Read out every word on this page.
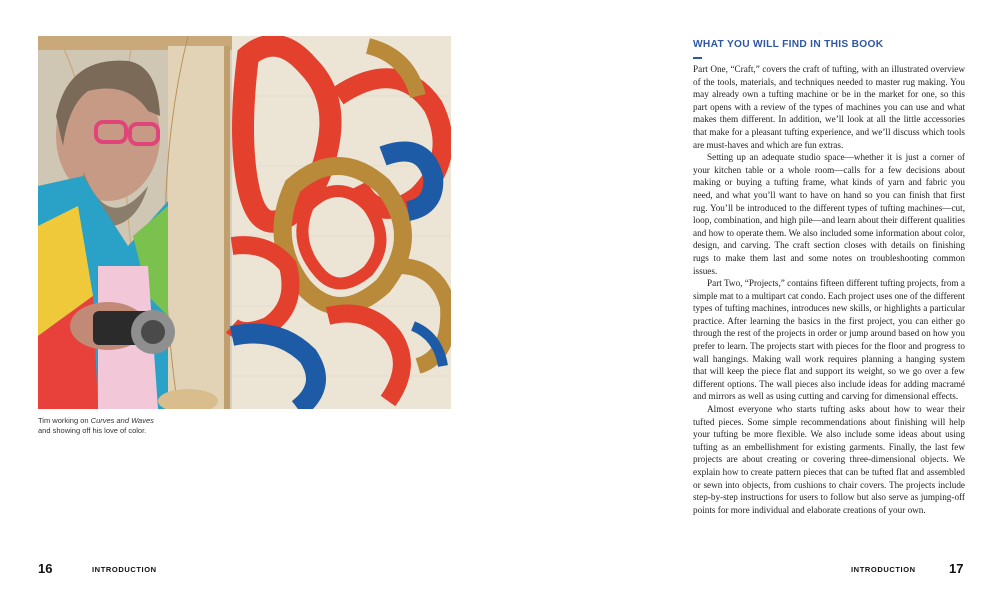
Tim working on Curves and Waves
and showing off his love of color.
16	INTRODUCTION
WHAT YOU WILL FIND IN THIS BOOK

Part One, “Craft,” covers the craft of tufting, with an illustrated overview of the tools, materials, and techniques needed to master rug making. You may already own a tufting machine or be in the market for one, so this part opens with a review of the types of machines you can use and what makes them different. In addition, we’ll look at all the little accessories that make for a pleasant tufting experience, and we’ll discuss which tools are must-haves and which are fun extras.

Setting up an adequate studio space—whether it is just a corner of your kitchen table or a whole room—calls for a few decisions about making or buying a tufting frame, what kinds of yarn and fabric you need, and what you’ll want to have on hand so you can finish that first rug. You’ll be introduced to the different types of tufting machines—cut, loop, combination, and high pile—and learn about their different qualities and how to operate them. We also included some information about color, design, and carving. The craft section closes with details on finishing rugs to make them last and some notes on troubleshooting common issues.

Part Two, “Projects,” contains fifteen different tufting projects, from a simple mat to a multipart cat condo. Each project uses one of the different types of tufting machines, introduces new skills, or highlights a particular practice. After learning the basics in the first project, you can either go through the rest of the projects in order or jump around based on how you prefer to learn. The projects start with pieces for the floor and progress to wall hangings. Making wall work requires planning a hanging system that will keep the piece flat and support its weight, so we go over a few different options. The wall pieces also include ideas for adding macramé and mirrors as well as using cutting and carving for dimensional effects.

Almost everyone who starts tufting asks about how to wear their tufted pieces. Some simple recommendations about finishing will help your tufting be more flexible. We also include some ideas about using tufting as an embellishment for existing garments. Finally, the last few projects are about creating or covering three-dimensional objects. We explain how to create pattern pieces that can be tufted flat and assembled or sewn into objects, from cushions to chair covers. The projects include step-by-step instructions for users to follow but also serve as jumping-off points for more individual and elaborate creations of your own.

INTRODUCTION	17
